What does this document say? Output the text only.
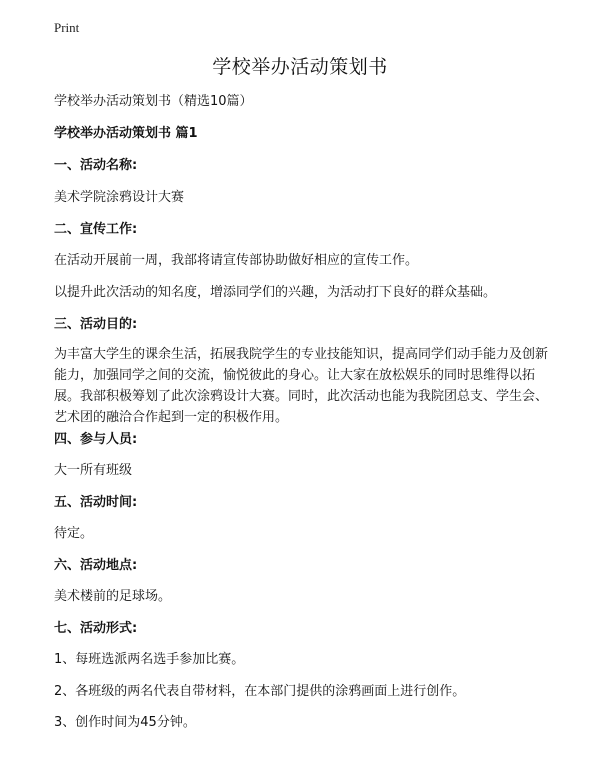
Print
学校举办活动策划书
学校举办活动策划书（精选10篇）
学校举办活动策划书 篇1
一、活动名称:
美术学院涂鸦设计大赛
二、宣传工作:
在活动开展前一周，我部将请宣传部协助做好相应的宣传工作。
以提升此次活动的知名度，增添同学们的兴趣，为活动打下良好的群众基础。
三、活动目的:
为丰富大学生的课余生活，拓展我院学生的专业技能知识，提高同学们动手能力及创新能力，加强同学之间的交流，愉悦彼此的身心。让大家在放松娱乐的同时思维得以拓展。我部积极筹划了此次涂鸦设计大赛。同时，此次活动也能为我院团总支、学生会、艺术团的融洽合作起到一定的积极作用。
四、参与人员:
大一所有班级
五、活动时间:
待定。
六、活动地点:
美术楼前的足球场。
七、活动形式:
1、每班选派两名选手参加比赛。
2、各班级的两名代表自带材料，在本部门提供的涂鸦画面上进行创作。
3、创作时间为45分钟。
